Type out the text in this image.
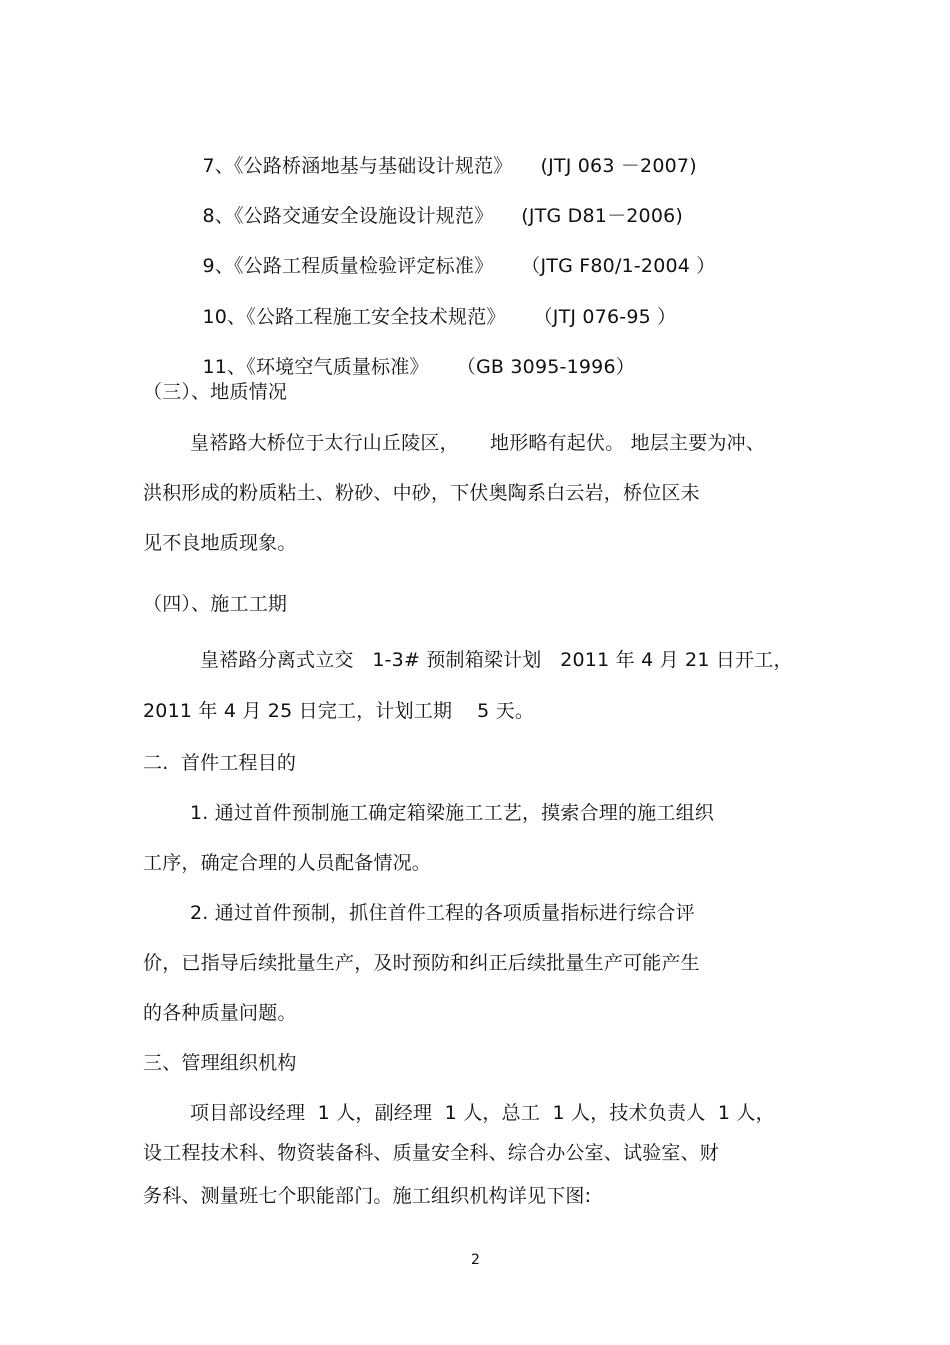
7、《公路桥涵地基与基础设计规范》 (JTJ 063 －2007)

8、《公路交通安全设施设计规范》 (JTG D81－2006)

9、《公路工程质量检验评定标准》 （JTG F80/1-2004 ）

10、《公路工程施工安全技术规范》 （JTJ 076-95 ）

11、《环境空气质量标准》 （GB 3095-1996）

（三）、地质情况
皇褡路大桥位于太行山丘陵区，     地形略有起伏。 地层主要为冲、
洪积形成的粉质粘土、粉砂、中砂，下伏奥陶系白云岩，桥位区未
见不良地质现象。
（四）、施工工期
皇褡路分离式立交   1-3# 预制箱梁计划   2011 年 4 月 21 日开工，
2011 年 4 月 25 日完工，计划工期    5 天。
二.  首件工程目的
1. 通过首件预制施工确定箱梁施工工艺，摸索合理的施工组织
工序，确定合理的人员配备情况。
2. 通过首件预制，抓住首件工程的各项质量指标进行综合评
价，已指导后续批量生产，及时预防和纠正后续批量生产可能产生
的各种质量问题。
三、管理组织机构
项目部设经理  1 人，副经理  1 人，总工  1 人，技术负责人  1 人，
设工程技术科、物资装备科、质量安全科、综合办公室、试验室、财
务科、测量班七个职能部门。施工组织机构详见下图:
2
